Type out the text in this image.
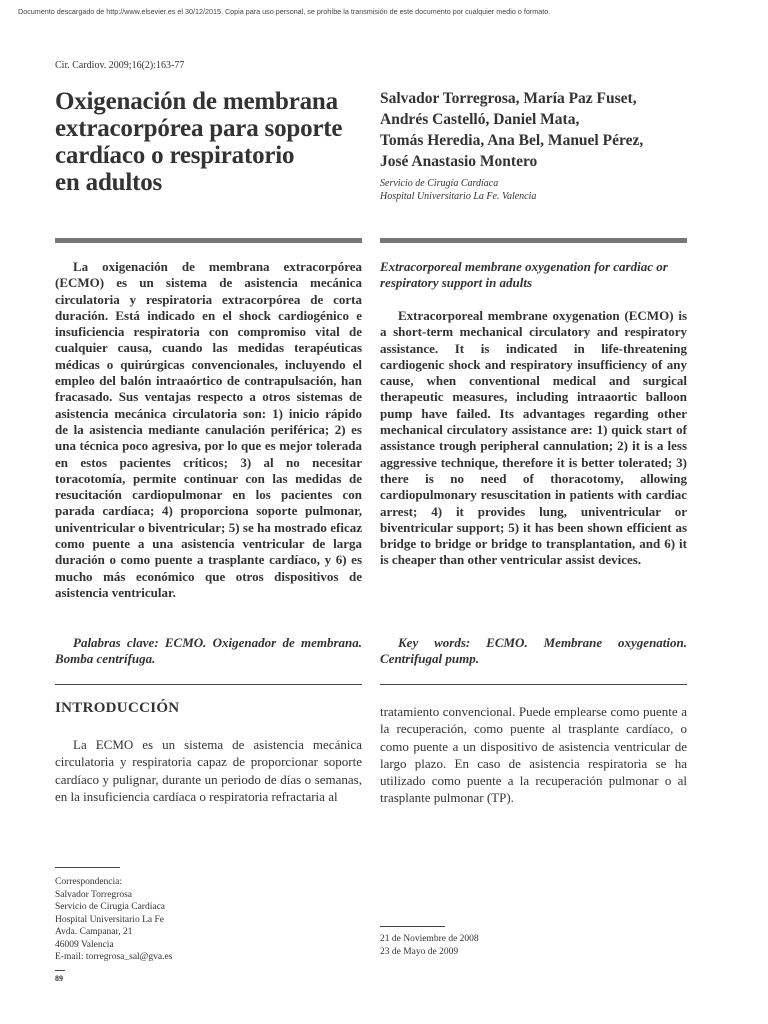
Documento descargado de http://www.elsevier.es el 30/12/2015. Copia para uso personal, se prohíbe la transmisión de este documento por cualquier medio o formato.
Cir. Cardiov. 2009;16(2):163-77
Oxigenación de membrana
extracorpórea para soporte
cardíaco o respiratorio
en adultos
Salvador Torregrosa, María Paz Fuset,
Andrés Castelló, Daniel Mata,
Tomás Heredia, Ana Bel, Manuel Pérez,
José Anastasio Montero
Servicio de Cirugía Cardíaca
Hospital Universitario La Fe. Valencia

La oxigenación de membrana extracorpórea (ECMO) es un sistema de asistencia mecánica circulatoria y respiratoria extracorpórea de corta duración. Está indicado en el shock cardiogénico e insuficiencia respiratoria con compromiso vital de cualquier causa, cuando las medidas terapéuticas médicas o quirúrgicas convencionales, incluyendo el empleo del balón intraaórtico de contrapulsación, han fracasado. Sus ventajas respecto a otros sistemas de asistencia mecánica circulatoria son: 1) inicio rápido de la asistencia mediante canulación periférica; 2) es una técnica poco agresiva, por lo que es mejor tolerada en estos pacientes críticos; 3) al no necesitar toracotomía, permite continuar con las medidas de resucitación cardiopulmonar en los pacientes con parada cardíaca; 4) proporciona soporte pulmonar, univentricular o biventricular; 5) se ha mostrado eficaz como puente a una asistencia ventricular de larga duración o como puente a trasplante cardíaco, y 6) es mucho más económico que otros dispositivos de asistencia ventricular.

Palabras clave: ECMO. Oxigenador de membrana. Bomba centrífuga.
Extracorporeal membrane oxygenation for cardiac or respiratory support in adults

Extracorporeal membrane oxygenation (ECMO) is a short-term mechanical circulatory and respiratory assistance. It is indicated in life-threatening cardiogenic shock and respiratory insufficiency of any cause, when conventional medical and surgical therapeutic measures, including intraaortic balloon pump have failed. Its advantages regarding other mechanical circulatory assistance are: 1) quick start of assistance trough peripheral cannulation; 2) it is a less aggressive technique, therefore it is better tolerated; 3) there is no need of thoracotomy, allowing cardiopulmonary resuscitation in patients with cardiac arrest; 4) it provides lung, univentricular or biventricular support; 5) it has been shown efficient as bridge to bridge or bridge to transplantation, and 6) it is cheaper than other ventricular assist devices.

Key words: ECMO. Membrane oxygenation. Centrifugal pump.
INTRODUCCIÓN
La ECMO es un sistema de asistencia mecánica circulatoria y respiratoria capaz de proporcionar soporte cardíaco y pulignar, durante un periodo de días o semanas, en la insuficiencia cardíaca o respiratoria refractaria al
tratamiento convencional. Puede emplearse como puente a la recuperación, como puente al trasplante cardíaco, o como puente a un dispositivo de asistencia ventricular de largo plazo. En caso de asistencia respiratoria se ha utilizado como puente a la recuperación pulmonar o al trasplante pulmonar (TP).
Correspondencia:
Salvador Torregrosa
Servicio de Cirugía Cardíaca
Hospital Universitario La Fe
Avda. Campanar, 21
46009 Valencia
E-mail: torregrosa_sal@gva.es
21 de Noviembre de 2008
23 de Mayo de 2009
89
